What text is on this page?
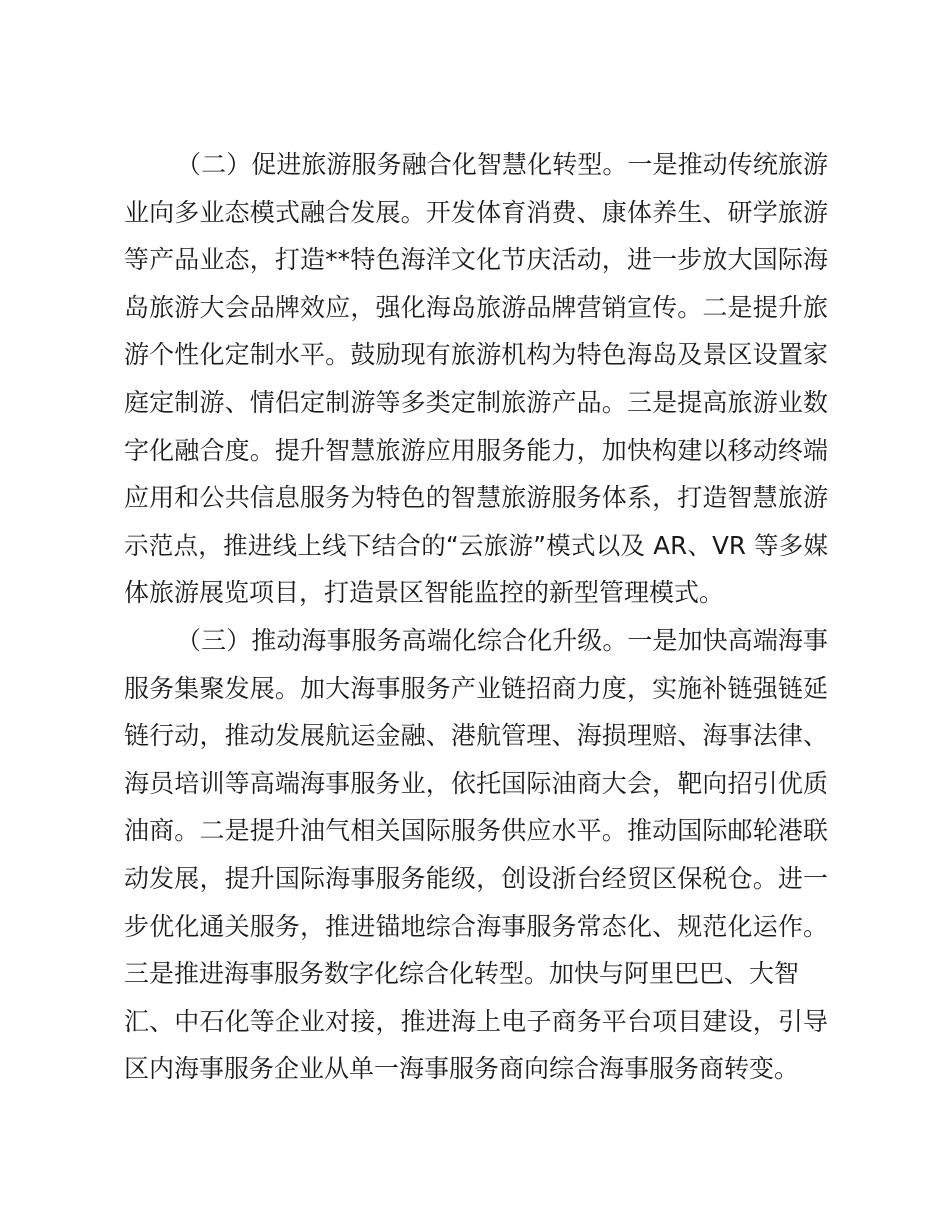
（二）促进旅游服务融合化智慧化转型。一是推动传统旅游
业向多业态模式融合发展。开发体育消费、康体养生、研学旅游
等产品业态，打造**特色海洋文化节庆活动，进一步放大国际海
岛旅游大会品牌效应，强化海岛旅游品牌营销宣传。二是提升旅
游个性化定制水平。鼓励现有旅游机构为特色海岛及景区设置家
庭定制游、情侣定制游等多类定制旅游产品。三是提高旅游业数
字化融合度。提升智慧旅游应用服务能力，加快构建以移动终端
应用和公共信息服务为特色的智慧旅游服务体系，打造智慧旅游
示范点，推进线上线下结合的“云旅游”模式以及 AR、VR 等多媒
体旅游展览项目，打造景区智能监控的新型管理模式。
（三）推动海事服务高端化综合化升级。一是加快高端海事
服务集聚发展。加大海事服务产业链招商力度，实施补链强链延
链行动，推动发展航运金融、港航管理、海损理赔、海事法律、
海员培训等高端海事服务业，依托国际油商大会，靶向招引优质
油商。二是提升油气相关国际服务供应水平。推动国际邮轮港联
动发展，提升国际海事服务能级，创设浙台经贸区保税仓。进一
步优化通关服务，推进锚地综合海事服务常态化、规范化运作。
三是推进海事服务数字化综合化转型。加快与阿里巴巴、大智
汇、中石化等企业对接，推进海上电子商务平台项目建设，引导
区内海事服务企业从单一海事服务商向综合海事服务商转变。
